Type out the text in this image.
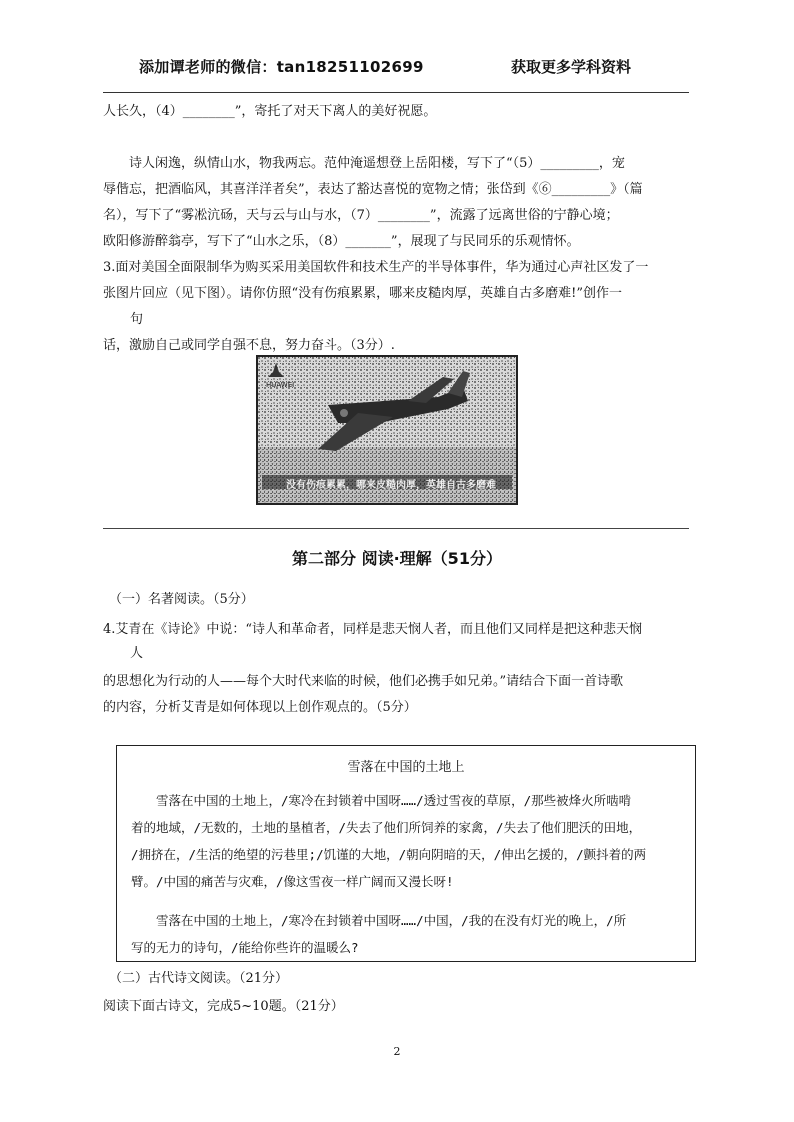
添加谭老师的微信：tan18251102699	获取更多学科资料
人长久，（4）________”，寄托了对天下离人的美好祝愿。
　　诗人闲逸，纵情山水，物我两忘。范仲淹遥想登上岳阳楼，写下了“（5）_________，宠
辱偕忘，把酒临风，其喜洋洋者矣”，表达了豁达喜悦的宽物之情；张岱到《⑥_________》（篇
名），写下了“雾凇沆砀，天与云与山与水，（7）________”，流露了远离世俗的宁静心境；
欧阳修游醉翁亭，写下了“山水之乐，（8）_______”，展现了与民同乐的乐观情怀。
3.面对美国全面限制华为购买采用美国软件和技术生产的半导体事件，华为通过心声社区发了一
张图片回应（见下图）。请你仿照“没有伤痕累累，哪来皮糙肉厚，英雄自古多磨难!”创作一
句
话，激励自己或同学自强不息，努力奋斗。（3分）.
HUAWEI
没有伤痕累累，哪来皮糙肉厚，英雄自古多磨难
第二部分 阅读·理解（51分）
（一）名著阅读。（5分）
4.艾青在《诗论》中说：“诗人和革命者，同样是悲天悯人者，而且他们又同样是把这种悲天悯
人
的思想化为行动的人——每个大时代来临的时候，他们必携手如兄弟。”请结合下面一首诗歌
的内容，分析艾青是如何体现以上创作观点的。（5分）
雪落在中国的土地上
　　雪落在中国的土地上，/寒冷在封锁着中国呀……/透过雪夜的草原，/那些被烽火所啮啃
着的地域，/无数的，土地的垦植者，/失去了他们所饲养的家禽，/失去了他们肥沃的田地，
/拥挤在，/生活的绝望的污巷里;/饥谨的大地，/朝向阴暗的天，/伸出乞援的，/颤抖着的两
臂。/中国的痛苦与灾难，/像这雪夜一样广阔而又漫长呀!
　　雪落在中国的土地上，/寒冷在封锁着中国呀……/中国，/我的在没有灯光的晚上，/所
写的无力的诗句，/能给你些许的温暖么?
（二）古代诗文阅读。（21分）
阅读下面古诗文，完成5~10题。（21分）
2
